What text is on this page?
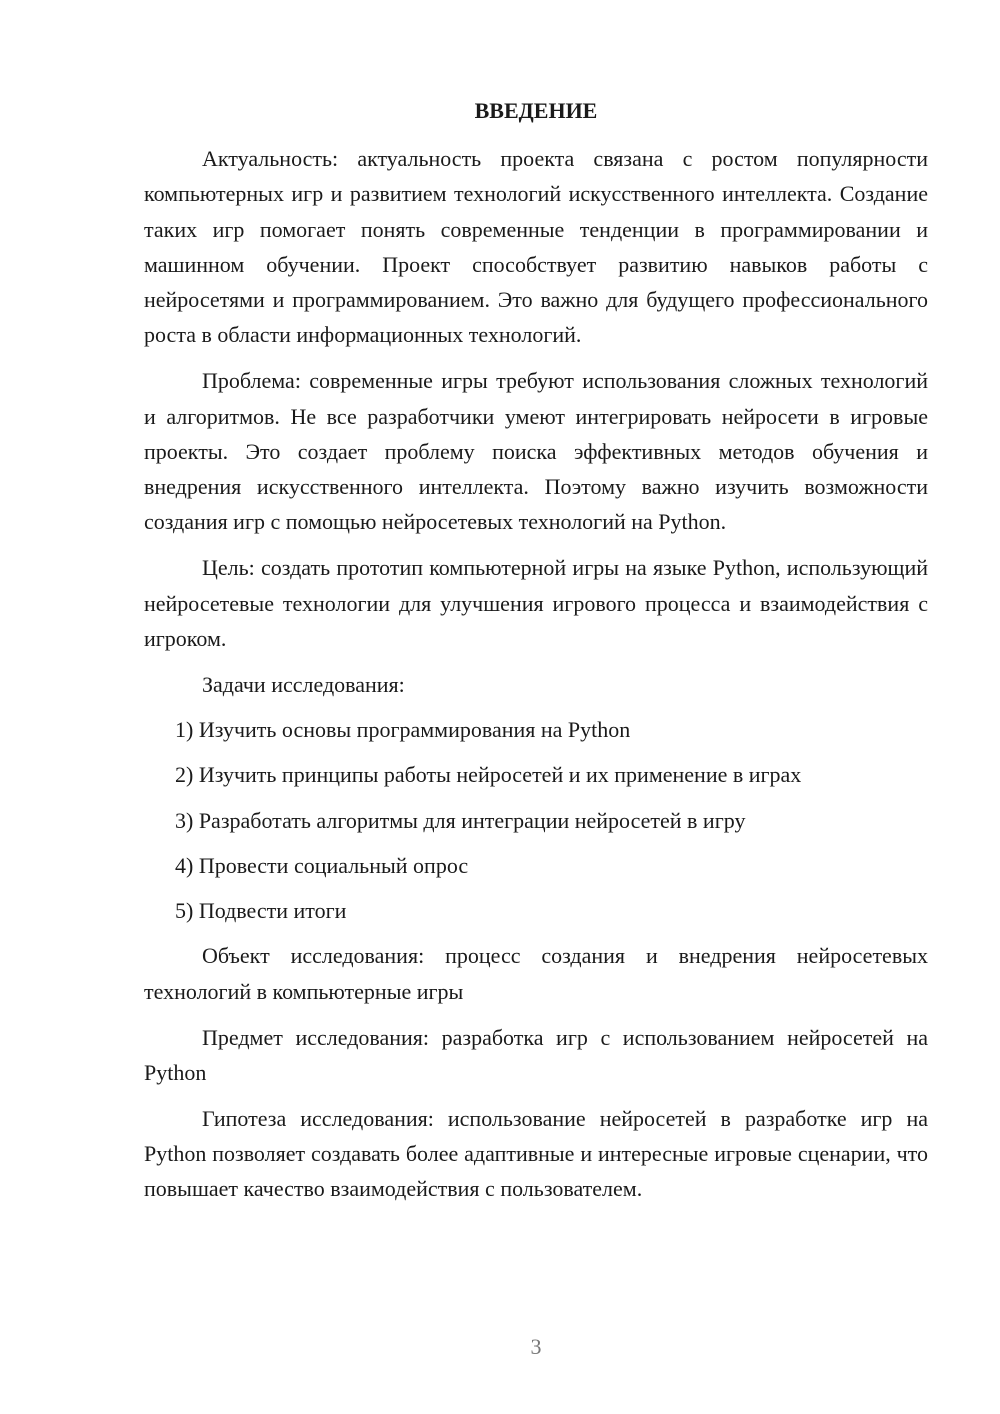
ВВЕДЕНИЕ

Актуальность: актуальность проекта связана с ростом популярности компьютерных игр и развитием технологий искусственного интеллекта. Создание таких игр помогает понять современные тенденции в программировании и машинном обучении. Проект способствует развитию навыков работы с нейросетями и программированием. Это важно для будущего профессионального роста в области информационных технологий.

Проблема: современные игры требуют использования сложных технологий и алгоритмов. Не все разработчики умеют интегрировать нейросети в игровые проекты. Это создает проблему поиска эффективных методов обучения и внедрения искусственного интеллекта. Поэтому важно изучить возможности создания игр с помощью нейросетевых технологий на Python.

Цель: создать прототип компьютерной игры на языке Python, использующий нейросетевые технологии для улучшения игрового процесса и взаимодействия с игроком.

Задачи исследования:

1) Изучить основы программирования на Python

2) Изучить принципы работы нейросетей и их применение в играх

3) Разработать алгоритмы для интеграции нейросетей в игру

4) Провести социальный опрос

5) Подвести итоги

Объект исследования: процесс создания и внедрения нейросетевых технологий в компьютерные игры

Предмет исследования: разработка игр с использованием нейросетей на Python

Гипотеза исследования: использование нейросетей в разработке игр на Python позволяет создавать более адаптивные и интересные игровые сценарии, что повышает качество взаимодействия с пользователем.

3
